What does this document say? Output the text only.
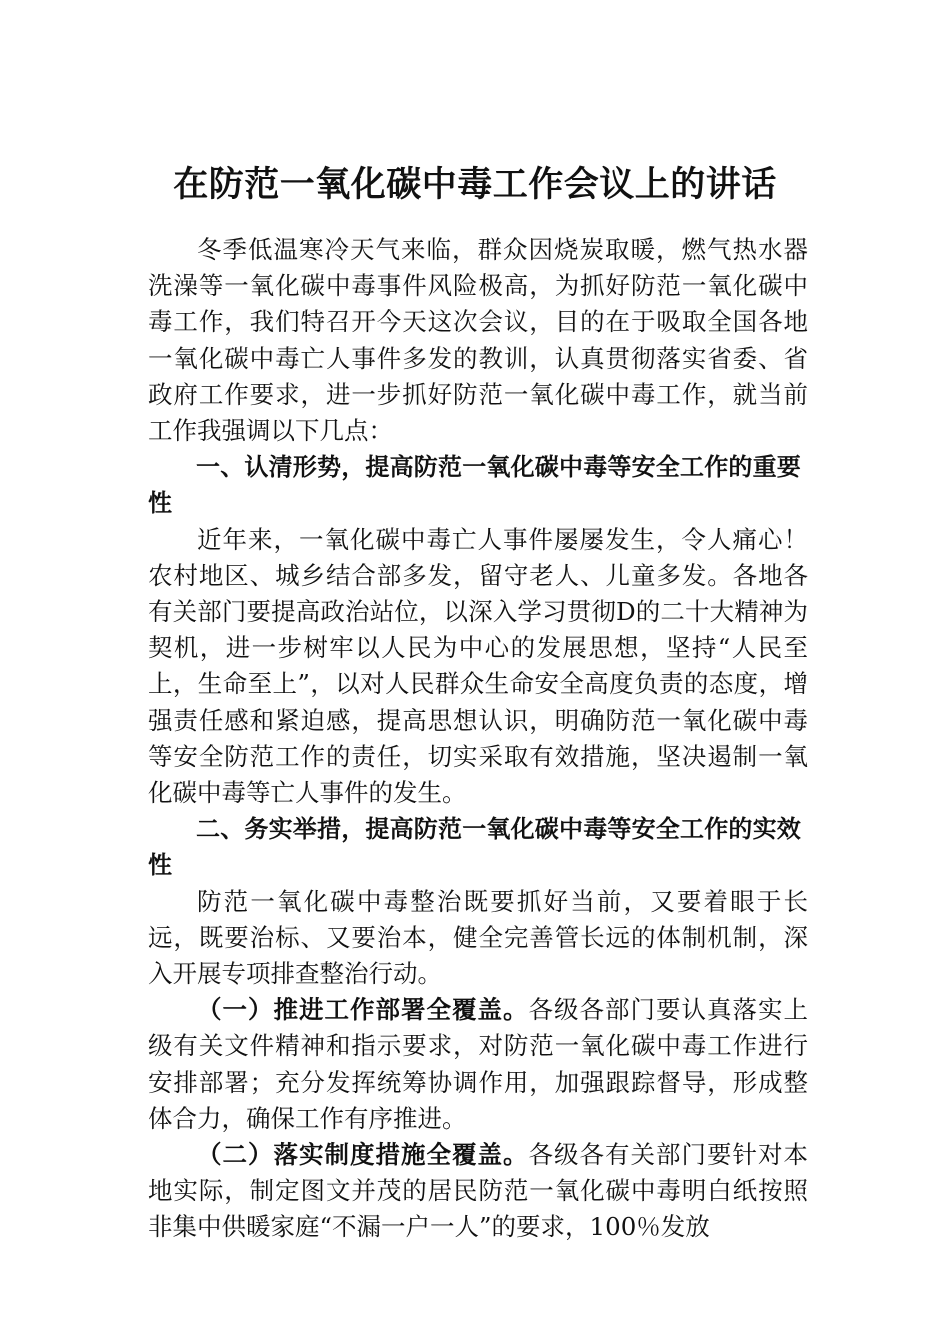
在防范一氧化碳中毒工作会议上的讲话

冬季低温寒冷天气来临，群众因烧炭取暖，燃气热水器洗澡等一氧化碳中毒事件风险极高，为抓好防范一氧化碳中毒工作，我们特召开今天这次会议，目的在于吸取全国各地一氧化碳中毒亡人事件多发的教训，认真贯彻落实省委、省政府工作要求，进一步抓好防范一氧化碳中毒工作，就当前工作我强调以下几点：

一、认清形势，提高防范一氧化碳中毒等安全工作的重要性

近年来，一氧化碳中毒亡人事件屡屡发生，令人痛心！农村地区、城乡结合部多发，留守老人、儿童多发。各地各有关部门要提高政治站位，以深入学习贯彻D的二十大精神为契机，进一步树牢以人民为中心的发展思想，坚持“人民至上，生命至上”，以对人民群众生命安全高度负责的态度，增强责任感和紧迫感，提高思想认识，明确防范一氧化碳中毒等安全防范工作的责任，切实采取有效措施，坚决遏制一氧化碳中毒等亡人事件的发生。

二、务实举措，提高防范一氧化碳中毒等安全工作的实效性

防范一氧化碳中毒整治既要抓好当前，又要着眼于长远，既要治标、又要治本，健全完善管长远的体制机制，深入开展专项排查整治行动。

（一）推进工作部署全覆盖。各级各部门要认真落实上级有关文件精神和指示要求，对防范一氧化碳中毒工作进行安排部署；充分发挥统筹协调作用，加强跟踪督导，形成整体合力，确保工作有序推进。

（二）落实制度措施全覆盖。各级各有关部门要针对本地实际，制定图文并茂的居民防范一氧化碳中毒明白纸按照非集中供暖家庭“不漏一户一人”的要求，100％发放
